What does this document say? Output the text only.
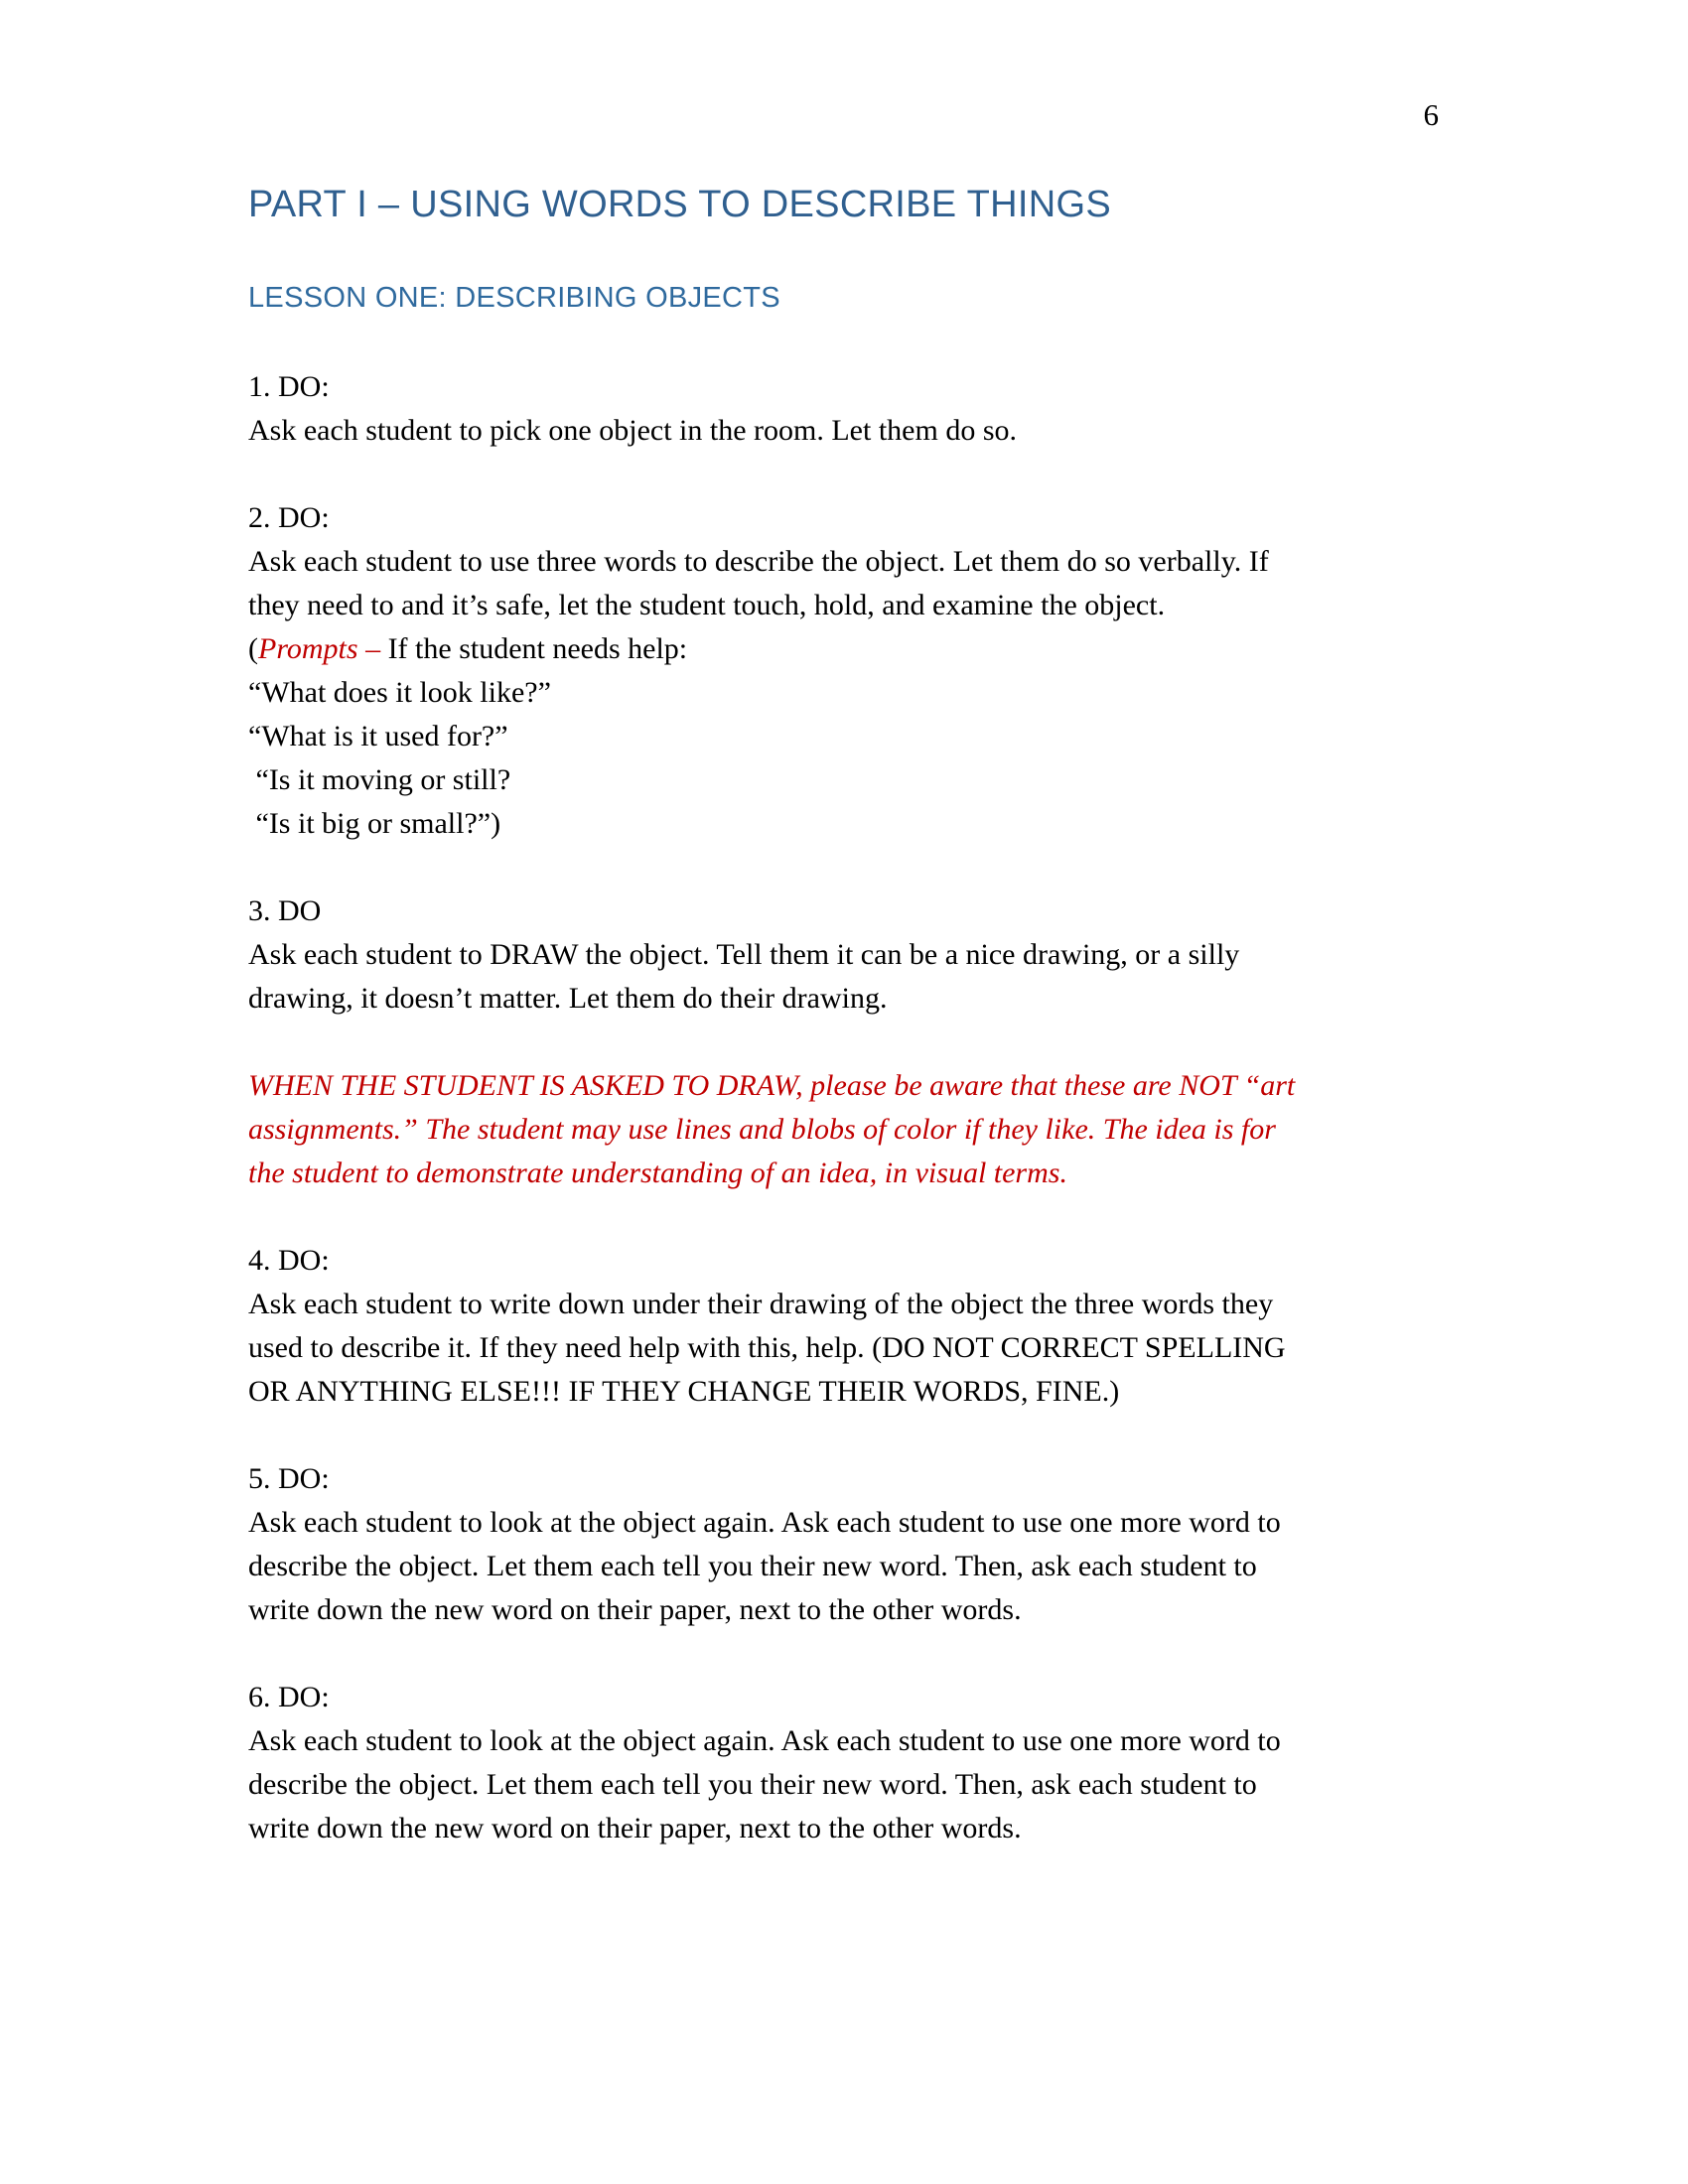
6
PART I – USING WORDS TO DESCRIBE THINGS
LESSON ONE: DESCRIBING OBJECTS
1. DO:
Ask each student to pick one object in the room. Let them do so.
2. DO:
Ask each student to use three words to describe the object. Let them do so verbally. If
they need to and it’s safe, let the student touch, hold, and examine the object.
(Prompts – If the student needs help:
“What does it look like?”
“What is it used for?”
“Is it moving or still?
“Is it big or small?”)
3. DO
Ask each student to DRAW the object. Tell them it can be a nice drawing, or a silly
drawing, it doesn’t matter. Let them do their drawing.
WHEN THE STUDENT IS ASKED TO DRAW, please be aware that these are NOT “art
assignments.” The student may use lines and blobs of color if they like. The idea is for
the student to demonstrate understanding of an idea, in visual terms.
4. DO:
Ask each student to write down under their drawing of the object the three words they
used to describe it. If they need help with this, help. (DO NOT CORRECT SPELLING
OR ANYTHING ELSE!!! IF THEY CHANGE THEIR WORDS, FINE.)
5. DO:
Ask each student to look at the object again. Ask each student to use one more word to
describe the object. Let them each tell you their new word. Then, ask each student to
write down the new word on their paper, next to the other words.
6. DO:
Ask each student to look at the object again. Ask each student to use one more word to
describe the object. Let them each tell you their new word. Then, ask each student to
write down the new word on their paper, next to the other words.
